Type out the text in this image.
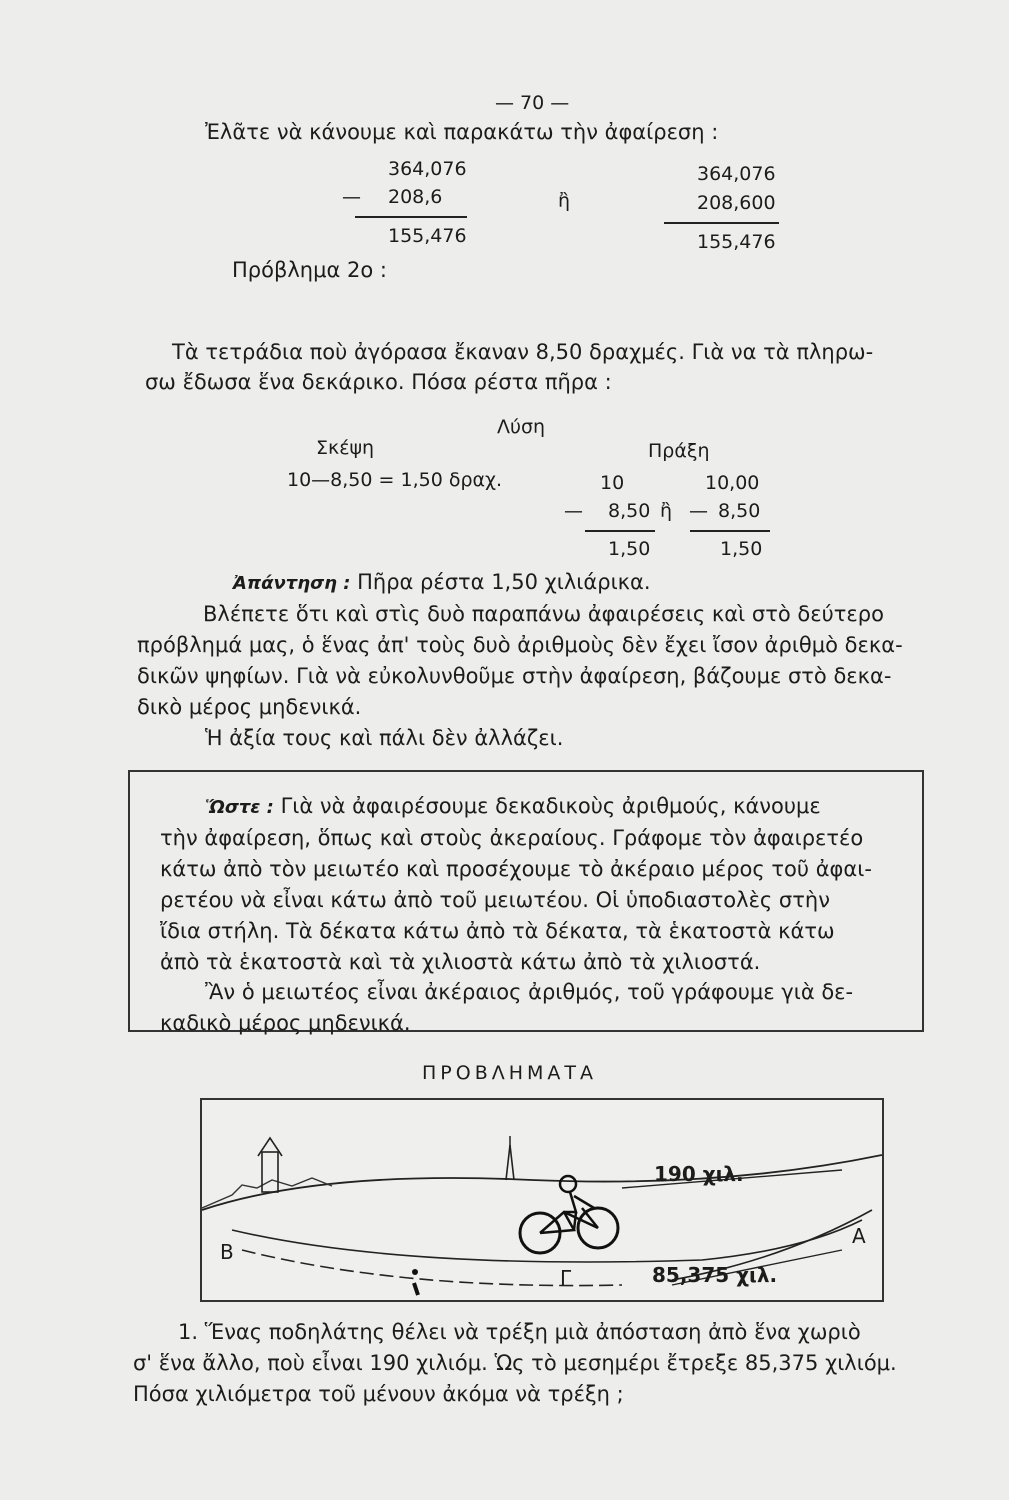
— 70 —
Ἐλᾶτε νὰ κάνουμε καὶ παρακάτω τὴν ἀφαίρεση :
364,076
— 208,6
155,476
ἢ
364,076
208,600
155,476
Πρόβλημα 2ο :
Τὰ τετράδια ποὺ ἀγόρασα ἔκαναν 8,50 δραχμές. Γιὰ να τὰ πληρω-
σω ἔδωσα ἕνα δεκάρικο. Πόσα ρέστα πῆρα :
Λύση
Σκέψη
10—8,50 = 1,50 δραχ.
Πράξη
10	10,00
— 8,50 ἢ — 8,50
1,50	1,50
Ἀπάντηση : Πῆρα ρέστα 1,50 χιλιάρικα.
Βλέπετε ὅτι καὶ στὶς δυὸ παραπάνω ἀφαιρέσεις καὶ στὸ δεύτερο
πρόβλημά μας, ὁ ἕνας ἀπ' τοὺς δυὸ ἀριθμοὺς δὲν ἔχει ἴσον ἀριθμὸ δεκα-
δικῶν ψηφίων. Γιὰ νὰ εὐκολυνθοῦμε στὴν ἀφαίρεση, βάζουμε στὸ δεκα-
δικὸ μέρος μηδενικά.
Ἡ ἀξία τους καὶ πάλι δὲν ἀλλάζει.
Ὥστε : Γιὰ νὰ ἀφαιρέσουμε δεκαδικοὺς ἀριθμούς, κάνουμε
τὴν ἀφαίρεση, ὅπως καὶ στοὺς ἀκεραίους. Γράφομε τὸν ἀφαιρετέο
κάτω ἀπὸ τὸν μειωτέο καὶ προσέχουμε τὸ ἀκέραιο μέρος τοῦ ἀφαι-
ρετέου νὰ εἶναι κάτω ἀπὸ τοῦ μειωτέου. Οἱ ὑποδιαστολὲς στὴν
ἴδια στήλη. Τὰ δέκατα κάτω ἀπὸ τὰ δέκατα, τὰ ἑκατοστὰ κάτω
ἀπὸ τὰ ἑκατοστὰ καὶ τὰ χιλιοστὰ κάτω ἀπὸ τὰ χιλιοστά.
Ἂν ὁ μειωτέος εἶναι ἀκέραιος ἀριθμός, τοῦ γράφουμε γιὰ δε-
καδικὸ μέρος μηδενικά.
ΠΡΟΒΛΗΜΑΤΑ
190 χιλ.
85,375 χιλ.
Β
Α
Γ
1. Ἕνας ποδηλάτης θέλει νὰ τρέξη μιὰ ἀπόσταση ἀπὸ ἕνα χωριὸ
σ' ἕνα ἄλλο, ποὺ εἶναι 190 χιλιόμ. Ὡς τὸ μεσημέρι ἔτρεξε 85,375 χιλιόμ.
Πόσα χιλιόμετρα τοῦ μένουν ἀκόμα νὰ τρέξη ;
